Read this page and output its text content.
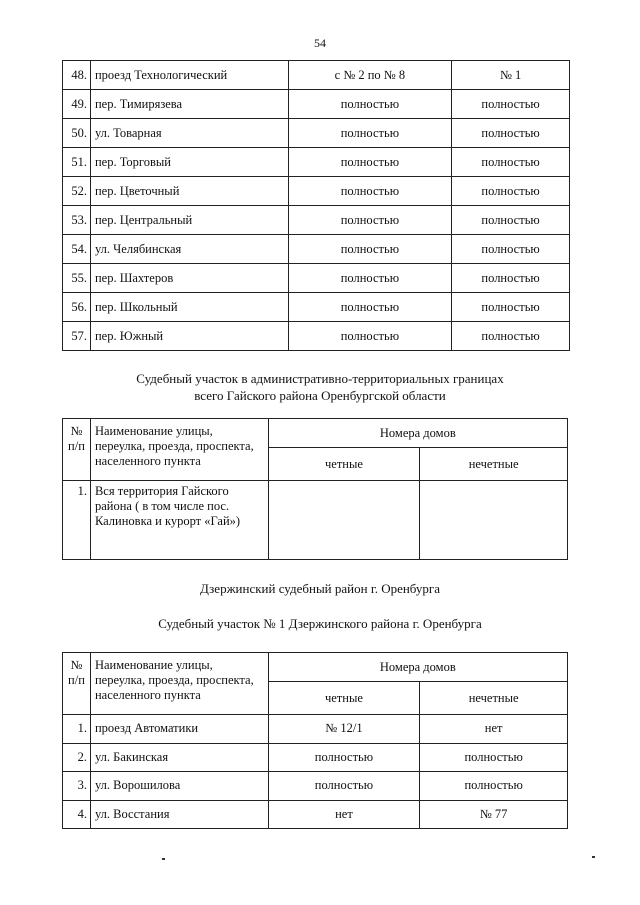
54
48.	проезд Технологический	с № 2 по № 8	№ 1
49.	пер. Тимирязева	полностью	полностью
50.	ул. Товарная	полностью	полностью
51.	пер. Торговый	полностью	полностью
52.	пер. Цветочный	полностью	полностью
53.	пер. Центральный	полностью	полностью
54.	ул. Челябинская	полностью	полностью
55.	пер. Шахтеров	полностью	полностью
56.	пер. Школьный	полностью	полностью
57.	пер. Южный	полностью	полностью
Судебный участок в административно-территориальных границах
всего Гайского района Оренбургской области
№ п/п	Наименование улицы, переулка, проезда, проспекта, населенного пункта	Номера домов	
		четные	нечетные
1.	Вся территория Гайского района ( в том числе пос. Калиновка и курорт «Гай»)		
Дзержинский судебный район г. Оренбурга
Судебный участок № 1 Дзержинского района г. Оренбурга
№ п/п	Наименование улицы, переулка, проезда, проспекта, населенного пункта	Номера домов	
		четные	нечетные
1.	проезд Автоматики	№ 12/1	нет
2.	ул. Бакинская	полностью	полностью
3.	ул. Ворошилова	полностью	полностью
4.	ул. Восстания	нет	№ 77
